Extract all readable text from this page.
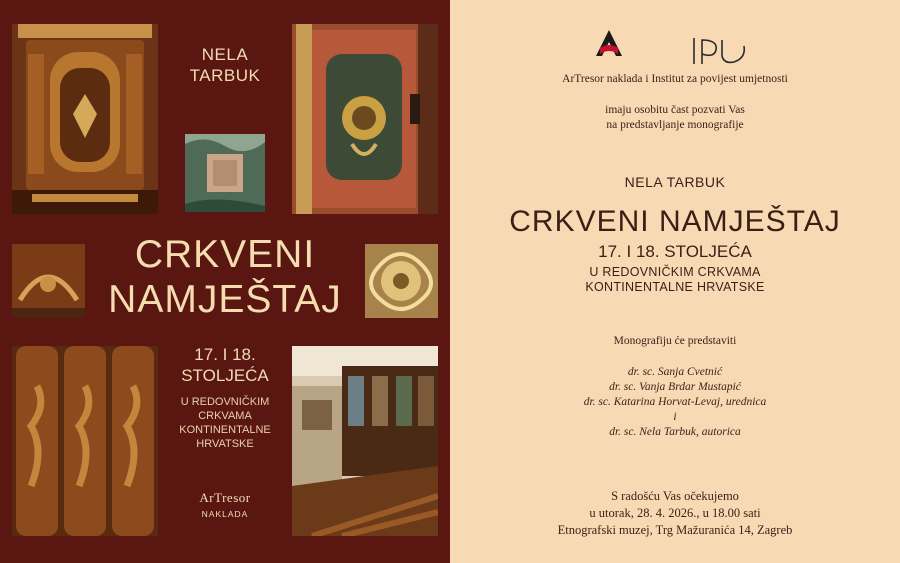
NELA
TARBUK
CRKVENI
NAMJEŠTAJ
17. I 18.
STOLJEĆA
U REDOVNIČKIM
CRKVAMA
KONTINENTALNE
HRVATSKE
ArTresor
NAKLADA
ArTresor naklada i Institut za povijest umjetnosti
imaju osobitu čast pozvati Vas
na predstavljanje monografije
NELA TARBUK
CRKVENI NAMJEŠTAJ
17. I 18. STOLJEĆA
U REDOVNIČKIM CRKVAMA
KONTINENTALNE HRVATSKE
Monografiju će predstaviti
dr. sc. Sanja Cvetnić
dr. sc. Vanja Brdar Mustapić
dr. sc. Katarina Horvat-Levaj, urednica
i
dr. sc. Nela Tarbuk, autorica
S radošću Vas očekujemo
u utorak, 28. 4. 2026., u 18.00 sati
Etnografski muzej, Trg Mažuranića 14, Zagreb
